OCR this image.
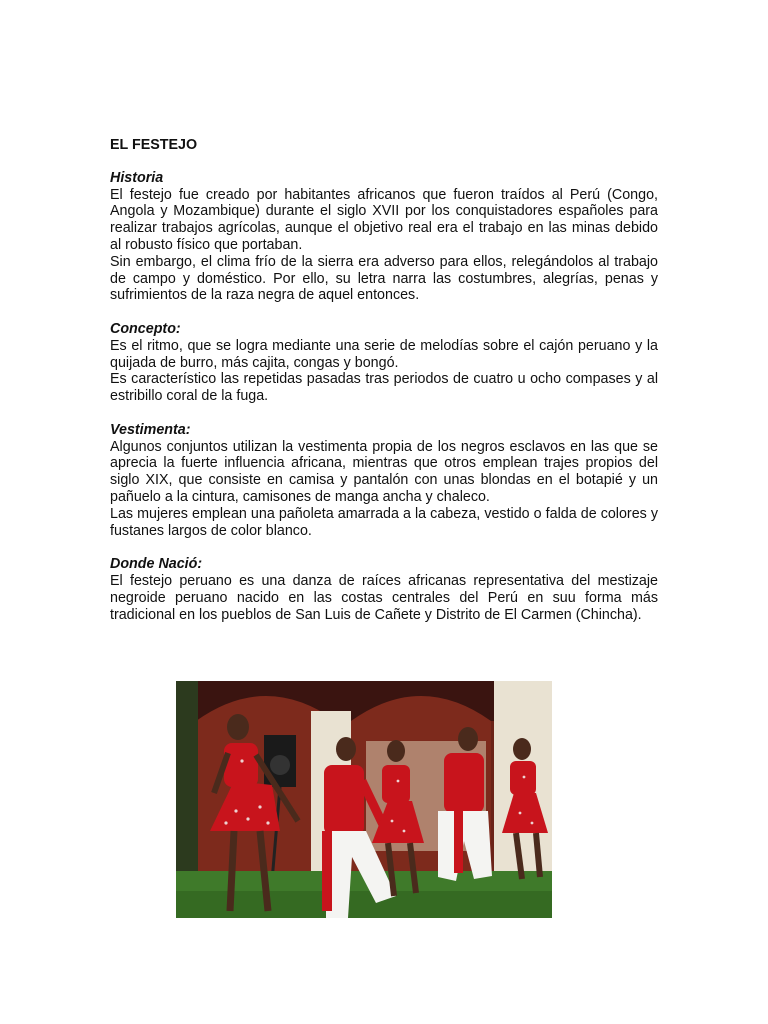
EL FESTEJO
Historia
El festejo fue creado por habitantes africanos que fueron traídos al Perú (Congo, Angola y Mozambique) durante el siglo XVII por los conquistadores españoles para realizar trabajos agrícolas, aunque el objetivo real era el trabajo en las minas debido al robusto físico que portaban.
Sin embargo, el clima frío de la sierra era adverso para ellos, relegándolos al trabajo de campo y doméstico. Por ello, su letra narra las costumbres, alegrías, penas y sufrimientos de la raza negra de aquel entonces.
Concepto:
Es el ritmo, que se logra mediante una serie de melodías sobre el cajón peruano y la quijada de burro, más cajita, congas y bongó.
Es característico las repetidas pasadas tras periodos de cuatro u ocho compases y al estribillo coral de la fuga.
Vestimenta:
Algunos conjuntos utilizan la vestimenta propia de los negros esclavos en las que se aprecia la fuerte influencia africana, mientras que otros emplean trajes propios del siglo XIX, que consiste en camisa y pantalón con unas blondas en el botapié y un pañuelo a la cintura, camisones de manga ancha y chaleco.
Las mujeres emplean una pañoleta amarrada a la cabeza, vestido o falda de colores y fustanes largos de color blanco.
Donde Nació:
El festejo peruano es una danza de raíces africanas representativa del mestizaje negroide peruano nacido en las costas centrales del Perú en suu forma más tradicional en los pueblos de San Luis de Cañete y Distrito de El Carmen (Chincha).
